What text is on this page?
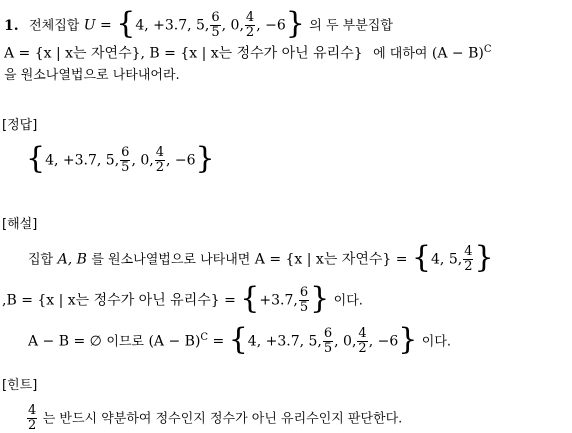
1. 전체집합 U = {4, +3.7, 5, $\frac{6}{5}$ , 0, $\frac{4}{2}$ , −6} 의 두 부분집합
A = {x | x는 자연수}, B = {x | x는 정수가 아닌 유리수} 에 대하여 $(A - B)^C$
을 원소나열법으로 나타내어라.
[정답]
{4, +3.7, 5, $\frac{6}{5}$ , 0, $\frac{4}{2}$ , −6}
[해설]
집합 A, B 를 원소나열법으로 나타내면 A = {x | x는 자연수} = {4, 5, $\frac{4}{2}$ }
,B = {x | x는 정수가 아닌 유리수} = {+3.7, $\frac{6}{5}$ } 이다.
A − B = ∅ 이므로 $(A - B)^C = \{4$, +3.7, 5, $\frac{6}{5}$ , 0, $\frac{4}{2}$ , −6} 이다.
[힌트]
$\frac{4}{2}$ 는 반드시 약분하여 정수인지 정수가 아닌 유리수인지 판단한다.
